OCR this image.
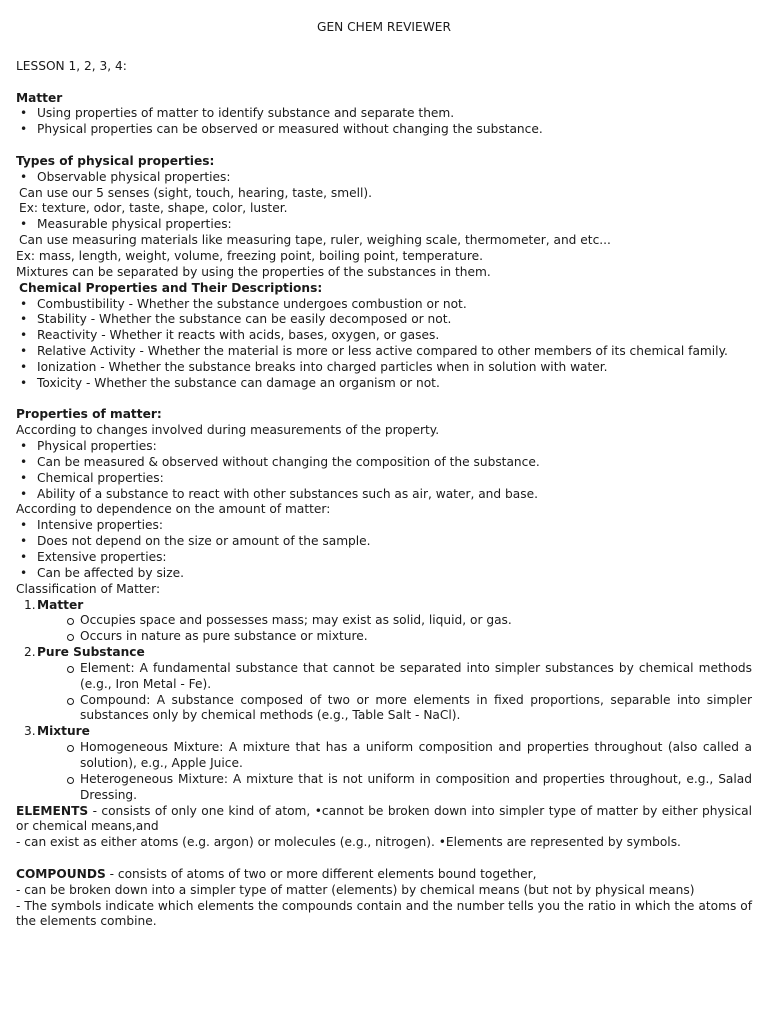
GEN CHEM REVIEWER
LESSON 1, 2, 3, 4:
Matter
• Using properties of matter to identify substance and separate them.
• Physical properties can be observed or measured without changing the substance.
Types of physical properties:
• Observable physical properties:
Can use our 5 senses (sight, touch, hearing, taste, smell).
Ex: texture, odor, taste, shape, color, luster.
• Measurable physical properties:
Can use measuring materials like measuring tape, ruler, weighing scale, thermometer, and etc...
Ex: mass, length, weight, volume, freezing point, boiling point, temperature.
Mixtures can be separated by using the properties of the substances in them.
Chemical Properties and Their Descriptions:
• Combustibility - Whether the substance undergoes combustion or not.
• Stability - Whether the substance can be easily decomposed or not.
• Reactivity - Whether it reacts with acids, bases, oxygen, or gases.
• Relative Activity - Whether the material is more or less active compared to other members of its chemical family.
• Ionization - Whether the substance breaks into charged particles when in solution with water.
• Toxicity - Whether the substance can damage an organism or not.
Properties of matter:
According to changes involved during measurements of the property.
• Physical properties:
• Can be measured & observed without changing the composition of the substance.
• Chemical properties:
• Ability of a substance to react with other substances such as air, water, and base.
According to dependence on the amount of matter:
• Intensive properties:
• Does not depend on the size or amount of the sample.
• Extensive properties:
• Can be affected by size.
Classification of Matter:
1. Matter
Occupies space and possesses mass; may exist as solid, liquid, or gas.
Occurs in nature as pure substance or mixture.
2. Pure Substance
Element: A fundamental substance that cannot be separated into simpler substances by chemical methods (e.g., Iron Metal - Fe).
Compound: A substance composed of two or more elements in fixed proportions, separable into simpler substances only by chemical methods (e.g., Table Salt - NaCl).
3. Mixture
Homogeneous Mixture: A mixture that has a uniform composition and properties throughout (also called a solution), e.g., Apple Juice.
Heterogeneous Mixture: A mixture that is not uniform in composition and properties throughout, e.g., Salad Dressing.
ELEMENTS - consists of only one kind of atom, •cannot be broken down into simpler type of matter by either physical or chemical means,and
- can exist as either atoms (e.g. argon) or molecules (e.g., nitrogen). •Elements are represented by symbols.
COMPOUNDS - consists of atoms of two or more different elements bound together,
- can be broken down into a simpler type of matter (elements) by chemical means (but not by physical means)
- The symbols indicate which elements the compounds contain and the number tells you the ratio in which the atoms of the elements combine.
